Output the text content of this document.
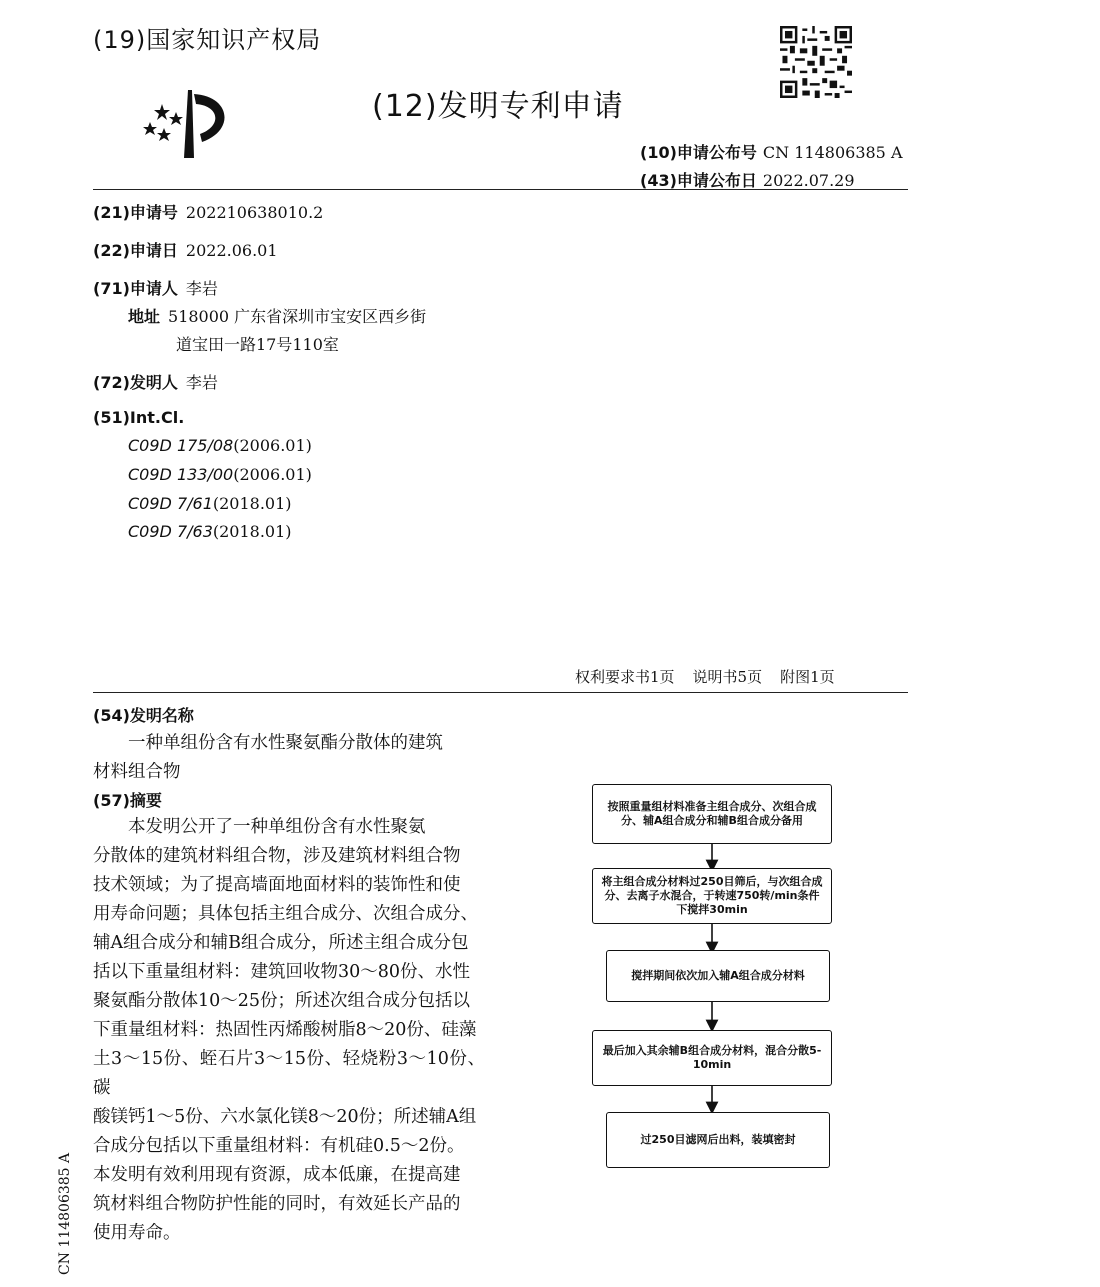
(19)国家知识产权局
(12)发明专利申请
(10)申请公布号 CN 114806385 A
(43)申请公布日 2022.07.29
(21)申请号 202210638010.2
(22)申请日 2022.06.01
(71)申请人 李岩
地址 518000 广东省深圳市宝安区西乡街
道宝田一路17号110室
(72)发明人 李岩
(51)Int.Cl.
C09D 175/08(2006.01)
C09D 133/00(2006.01)
C09D 7/61(2018.01)
C09D 7/63(2018.01)
权利要求书1页 说明书5页 附图1页
(54)发明名称
一种单组份含有水性聚氨酯分散体的建筑
材料组合物
(57)摘要
本发明公开了一种单组份含有水性聚氨
分散体的建筑材料组合物，涉及建筑材料组合物
技术领域；为了提高墙面地面材料的装饰性和使
用寿命问题；具体包括主组合成分、次组合成分、
辅A组合成分和辅B组合成分，所述主组合成分包
括以下重量组材料：建筑回收物30～80份、水性
聚氨酯分散体10～25份；所述次组合成分包括以
下重量组材料：热固性丙烯酸树脂8～20份、硅藻
土3～15份、蛭石片3～15份、轻烧粉3～10份、碳
酸镁钙1～5份、六水氯化镁8～20份；所述辅A组
合成分包括以下重量组材料：有机硅0.5～2份。
本发明有效利用现有资源，成本低廉，在提高建
筑材料组合物防护性能的同时，有效延长产品的
使用寿命。
按照重量组材料准备主组合成分、次组合成分、辅A组合成分和辅B组合成分备用
将主组合成分材料过250目筛后，与次组合成分、去离子水混合，于转速750转/min条件下搅拌30min
搅拌期间依次加入辅A组合成分材料
最后加入其余辅B组合成分材料，混合分散5-10min
过250目滤网后出料，装填密封
CN 114806385 A
